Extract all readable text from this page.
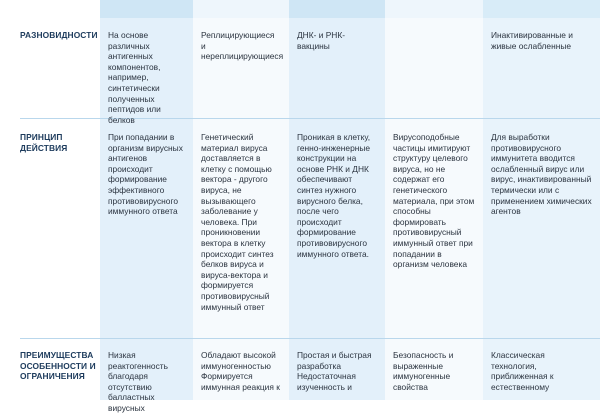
РАЗНОВИДНОСТИ	На основе различных антигенных компонентов, например, синтетически полученных пептидов или белков
Реплицирующиеся и нереплицирующиеся
ДНК- и РНК-вакцины
Инактивированные и живые ослабленные
ПРИНЦИП ДЕЙСТВИЯ
При попадании в организм вирусных антигенов происходит формирование эффективного противовирусного иммунного ответа
Генетический материал вируса доставляется в клетку с помощью вектора - другого вируса, не вызывающего заболевание у человека. При проникновении вектора в клетку происходит синтез белков вируса и вируса-вектора и формируется противовирусный иммунный ответ
Проникая в клетку, генно-инженерные конструкции на основе РНК и ДНК обеспечивают синтез нужного вирусного белка, после чего происходит формирование противовирусного иммунного ответа.
Вирусоподобные частицы имитируют структуру целевого вируса, но не содержат его генетического материала, при этом способны формировать противовирусный иммунный ответ при попадании в организм человека
Для выработки противовирусного иммунитета вводится ослабленный вирус или вирус, инактивированный термически или с применением химических агентов
ПРЕИМУЩЕСТВА ОСОБЕННОСТИ И ОГРАНИЧЕНИЯ
Низкая реактогенность благодаря отсутствию балластных вирусных
Обладают высокой иммуногенностью Формируется иммунная реакция к
Простая и быстрая разработка Недостаточная изученность и
Безопасность и выраженные иммуногенные свойства
Классическая технология, приближенная к естественному
